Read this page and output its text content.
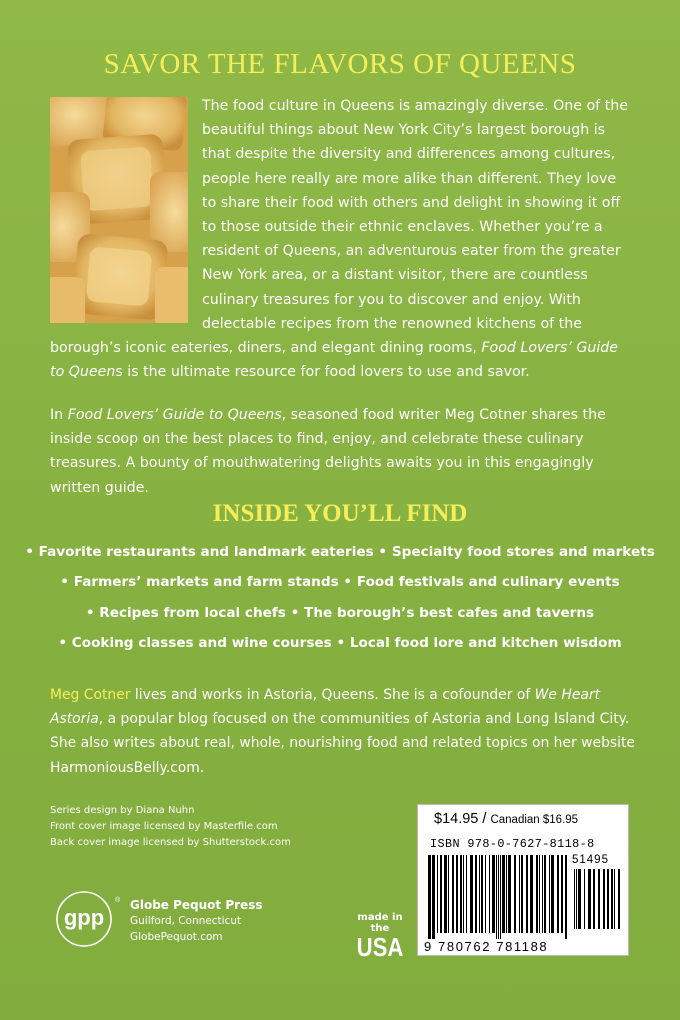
SAVOR THE FLAVORS OF QUEENS
The food culture in Queens is amazingly diverse. One of the beautiful things about New York City’s largest borough is that despite the diversity and differences among cultures, people here really are more alike than different. They love to share their food with others and delight in showing it off to those outside their ethnic enclaves. Whether you’re a resident of Queens, an adventurous eater from the greater New York area, or a distant visitor, there are countless culinary treasures for you to discover and enjoy. With delectable recipes from the renowned kitchens of the borough’s iconic eateries, diners, and elegant dining rooms, Food Lovers’ Guide to Queens is the ultimate resource for food lovers to use and savor.
In Food Lovers’ Guide to Queens, seasoned food writer Meg Cotner shares the inside scoop on the best places to find, enjoy, and celebrate these culinary treasures. A bounty of mouthwatering delights awaits you in this engagingly written guide.
INSIDE YOU’LL FIND
• Favorite restaurants and landmark eateries • Specialty food stores and markets
• Farmers’ markets and farm stands • Food festivals and culinary events
• Recipes from local chefs • The borough’s best cafes and taverns
• Cooking classes and wine courses • Local food lore and kitchen wisdom
Meg Cotner lives and works in Astoria, Queens. She is a cofounder of We Heart Astoria, a popular blog focused on the communities of Astoria and Long Island City. She also writes about real, whole, nourishing food and related topics on her website HarmoniousBelly.com.
Series design by Diana Nuhn
Front cover image licensed by Masterfile.com
Back cover image licensed by Shutterstock.com
gpp
® Globe Pequot Press
Guilford, Connecticut
GlobePequot.com
made in the
USA
$14.95 / Canadian $16.95
ISBN 978-0-7627-8118-8
51495
9 780762 781188
